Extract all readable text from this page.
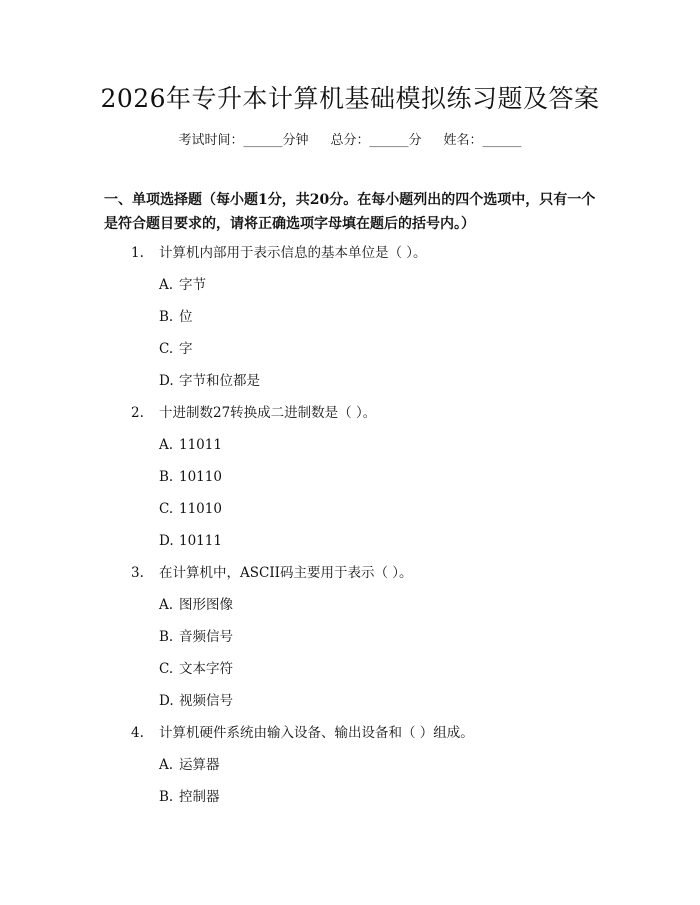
2026年专升本计算机基础模拟练习题及答案
考试时间：______分钟 总分：______分 姓名：______
一、单项选择题（每小题1分，共20分。在每小题列出的四个选项中，只有一个是符合题目要求的，请将正确选项字母填在题后的括号内。）
1. 计算机内部用于表示信息的基本单位是（ ）。
A. 字节
B. 位
C. 字
D. 字节和位都是
2. 十进制数27转换成二进制数是（ ）。
A. 11011
B. 10110
C. 11010
D. 10111
3. 在计算机中，ASCII码主要用于表示（ ）。
A. 图形图像
B. 音频信号
C. 文本字符
D. 视频信号
4. 计算机硬件系统由输入设备、输出设备和（ ）组成。
A. 运算器
B. 控制器
